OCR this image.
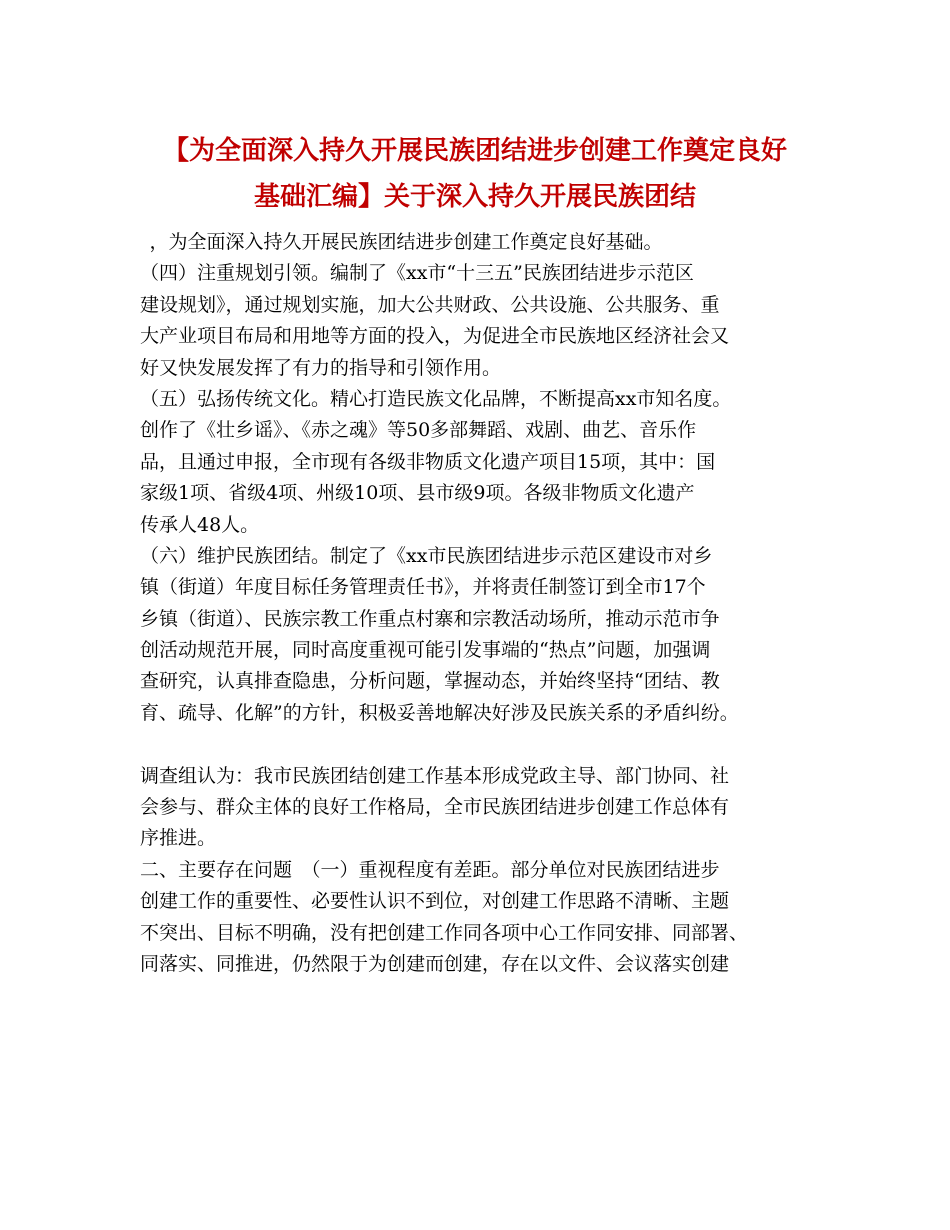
【为全面深入持久开展民族团结进步创建工作奠定良好
基础汇编】关于深入持久开展民族团结
，为全面深入持久开展民族团结进步创建工作奠定良好基础。
（四）注重规划引领。编制了《xx市“十三五”民族团结进步示范区
建设规划》，通过规划实施，加大公共财政、公共设施、公共服务、重
大产业项目布局和用地等方面的投入，为促进全市民族地区经济社会又
好又快发展发挥了有力的指导和引领作用。
（五）弘扬传统文化。精心打造民族文化品牌，不断提高xx市知名度。
创作了《壮乡谣》、《赤之魂》等50多部舞蹈、戏剧、曲艺、音乐作
品，且通过申报，全市现有各级非物质文化遗产项目15项，其中：国
家级1项、省级4项、州级10项、县市级9项。各级非物质文化遗产
传承人48人。
（六）维护民族团结。制定了《xx市民族团结进步示范区建设市对乡
镇（街道）年度目标任务管理责任书》，并将责任制签订到全市17个
乡镇（街道）、民族宗教工作重点村寨和宗教活动场所，推动示范市争
创活动规范开展，同时高度重视可能引发事端的“热点”问题，加强调
查研究，认真排查隐患，分析问题，掌握动态，并始终坚持“团结、教
育、疏导、化解”的方针，积极妥善地解决好涉及民族关系的矛盾纠纷。
调查组认为：我市民族团结创建工作基本形成党政主导、部门协同、社
会参与、群众主体的良好工作格局，全市民族团结进步创建工作总体有
序推进。
二、主要存在问题　（一）重视程度有差距。部分单位对民族团结进步
创建工作的重要性、必要性认识不到位，对创建工作思路不清晰、主题
不突出、目标不明确，没有把创建工作同各项中心工作同安排、同部署、
同落实、同推进，仍然限于为创建而创建，存在以文件、会议落实创建
